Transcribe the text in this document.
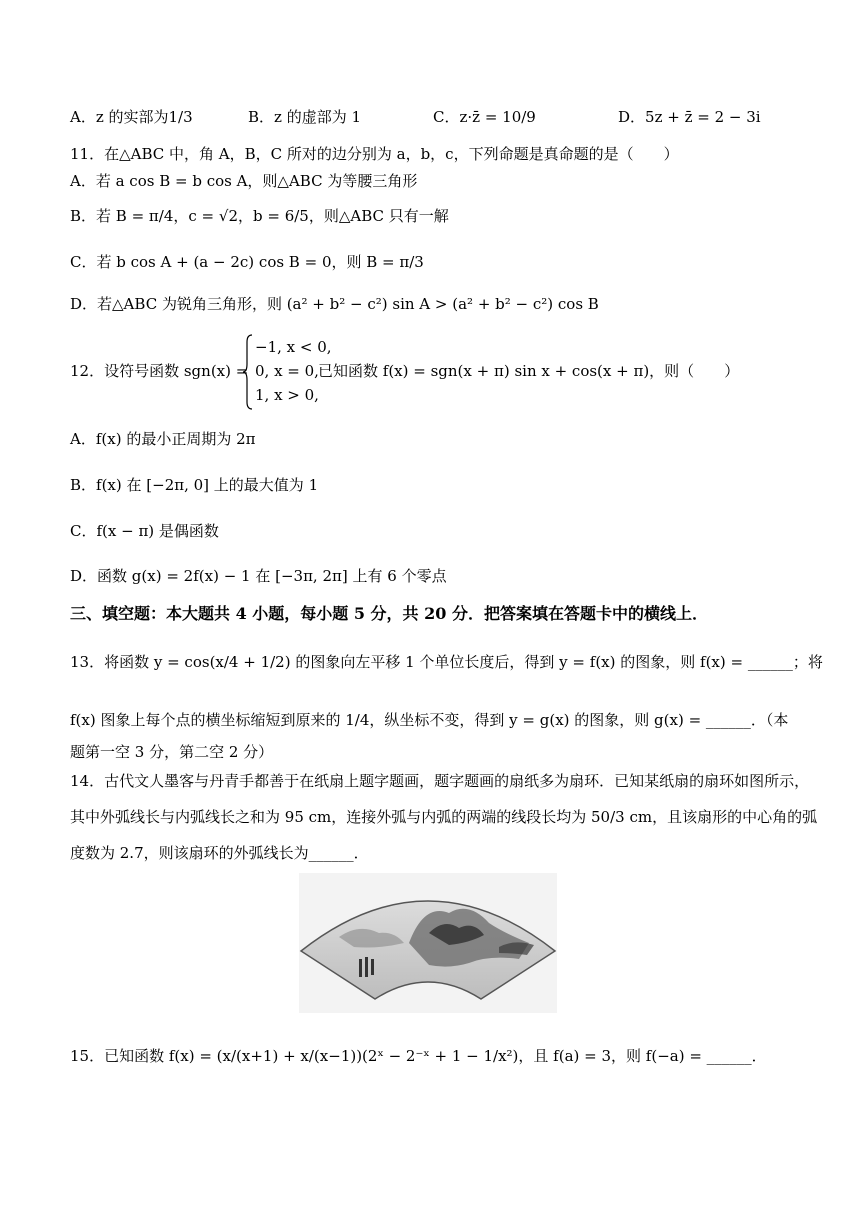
A．z 的实部为1/3	B．z 的虚部为 1	C．z·z̄ = 10/9	D．5z + z̄ = 2 − 3i
11．在△ABC 中，角 A，B，C 所对的边分别为 a，b，c，下列命题是真命题的是（　　）
A．若 a cos B = b cos A，则△ABC 为等腰三角形
B．若 B = π/4，c = √2，b = 6/5，则△ABC 只有一解
C．若 b cos A + (a − 2c) cos B = 0，则 B = π/3
D．若△ABC 为锐角三角形，则 (a² + b² − c²) sin A > (a² + b² − c²) cos B
12．设符号函数 sgn(x) =
−1, x < 0,
0, x = 0,
1, x > 0,
已知函数 f(x) = sgn(x + π) sin x + cos(x + π)，则（　　）
A．f(x) 的最小正周期为 2π
B．f(x) 在 [−2π, 0] 上的最大值为 1
C．f(x − π) 是偶函数
D．函数 g(x) = 2f(x) − 1 在 [−3π, 2π] 上有 6 个零点
三、填空题：本大题共 4 小题，每小题 5 分，共 20 分．把答案填在答题卡中的横线上．
13．将函数 y = cos(x/4 + 1/2) 的图象向左平移 1 个单位长度后，得到 y = f(x) 的图象，则 f(x) = ______；将
f(x) 图象上每个点的横坐标缩短到原来的 1/4，纵坐标不变，得到 y = g(x) 的图象，则 g(x) = ______．（本
题第一空 3 分，第二空 2 分）
14．古代文人墨客与丹青手都善于在纸扇上题字题画，题字题画的扇纸多为扇环．已知某纸扇的扇环如图所示，
其中外弧线长与内弧线长之和为 95 cm，连接外弧与内弧的两端的线段长均为 50/3 cm，且该扇形的中心角的弧
度数为 2.7，则该扇环的外弧线长为______．
15．已知函数 f(x) = (x/(x+1) + x/(x−1))(2ˣ − 2⁻ˣ + 1 − 1/x²)，且 f(a) = 3，则 f(−a) = ______．
